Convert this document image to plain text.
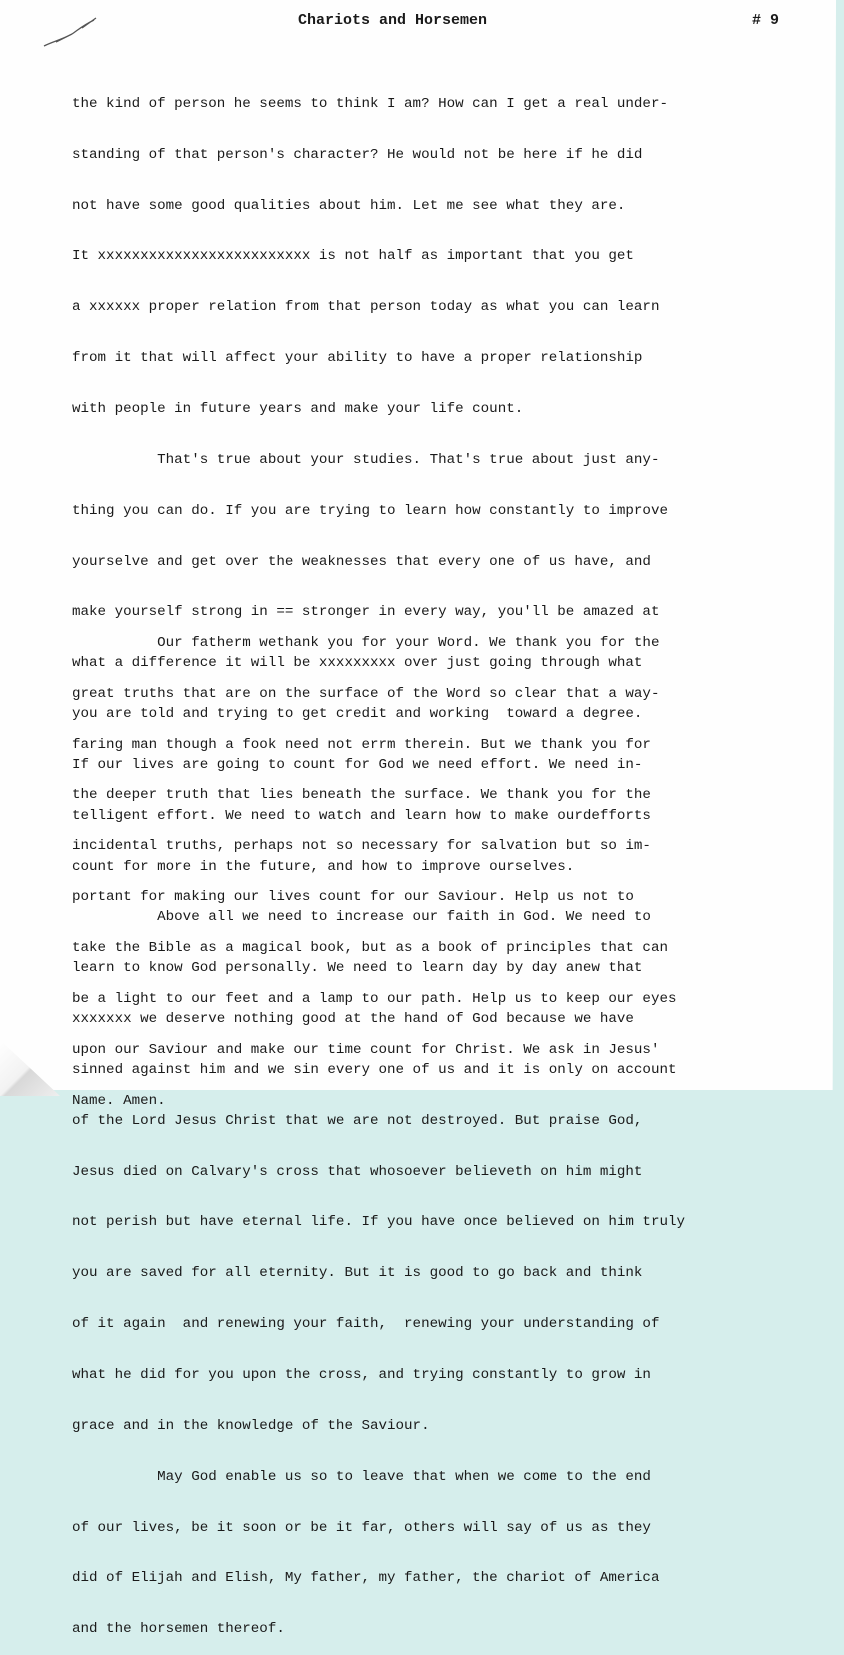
Chariots and Horsemen	# 9

the kind of person he seems to think I am? How can I get a real under-

standing of that person's character? He would not be here if he did

not have some good qualities about him. Let me see what they are.

It xxxxxxxxxxxxxxxxxxxxxxxxx is not half as important that you get

a xxxxxx proper relation from that person today as what you can learn

from it that will affect your ability to have a proper relationship

with people in future years and make your life count.

That's true about your studies. That's true about just any-

thing you can do. If you are trying to learn how constantly to improve

yourselve and get over the weaknesses that every one of us have, and

make yourself strong in == stronger in every way, you'll be amazed at

what a difference it will be xxxxxxxxx over just going through what

you are told and trying to get credit and working  toward a degree.

If our lives are going to count for God we need effort. We need in-

telligent effort. We need to watch and learn how to make ourdefforts

count for more in the future, and how to improve ourselves.

Above all we need to increase our faith in God. We need to

learn to know God personally. We need to learn day by day anew that

xxxxxxx we deserve nothing good at the hand of God because we have

sinned against him and we sin every one of us and it is only on account

of the Lord Jesus Christ that we are not destroyed. But praise God,

Jesus died on Calvary's cross that whosoever believeth on him might

not perish but have eternal life. If you have once believed on him truly

you are saved for all eternity. But it is good to go back and think

of it again  and renewing your faith,  renewing your understanding of

what he did for you upon the cross, and trying constantly to grow in

grace and in the knowledge of the Saviour.

May God enable us so to leave that when we come to the end

of our lives, be it soon or be it far, others will say of us as they

did of Elijah and Elish, My father, my father, the chariot of America

and the horsemen thereof.

Our fatherm wethank you for your Word. We thank you for the

great truths that are on the surface of the Word so clear that a way-

faring man though a fook need not errm therein. But we thank you for

the deeper truth that lies beneath the surface. We thank you for the

incidental truths, perhaps not so necessary for salvation but so im-

portant for making our lives count for our Saviour. Help us not to

take the Bible as a magical book, but as a book of principles that can

be a light to our feet and a lamp to our path. Help us to keep our eyes

upon our Saviour and make our time count for Christ. We ask in Jesus'

Name. Amen.
